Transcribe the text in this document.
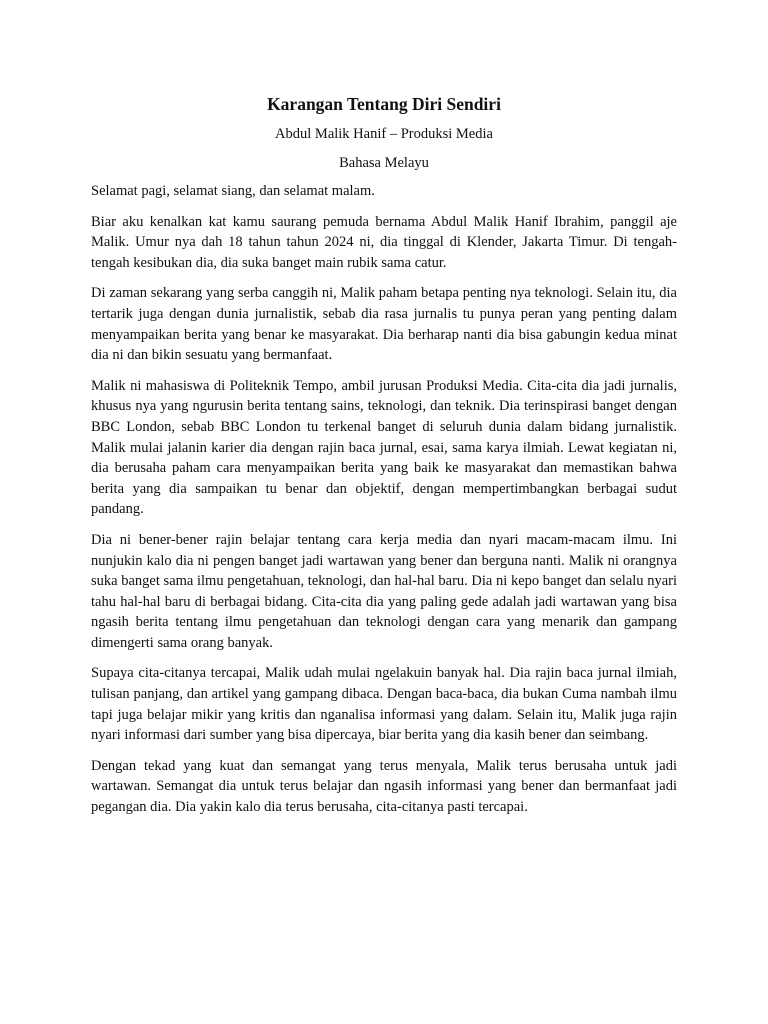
Karangan Tentang Diri Sendiri
Abdul Malik Hanif – Produksi Media
Bahasa Melayu

Selamat pagi, selamat siang, dan selamat malam.

Biar aku kenalkan kat kamu saurang pemuda bernama Abdul Malik Hanif Ibrahim, panggil aje Malik. Umur nya dah 18 tahun tahun 2024 ni, dia tinggal di Klender, Jakarta Timur. Di tengah-tengah kesibukan dia, dia suka banget main rubik sama catur.

Di zaman sekarang yang serba canggih ni, Malik paham betapa penting nya teknologi. Selain itu, dia tertarik juga dengan dunia jurnalistik, sebab dia rasa jurnalis tu punya peran yang penting dalam menyampaikan berita yang benar ke masyarakat. Dia berharap nanti dia bisa gabungin kedua minat dia ni dan bikin sesuatu yang bermanfaat.

Malik ni mahasiswa di Politeknik Tempo, ambil jurusan Produksi Media. Cita-cita dia jadi jurnalis, khusus nya yang ngurusin berita tentang sains, teknologi, dan teknik. Dia terinspirasi banget dengan BBC London, sebab BBC London tu terkenal banget di seluruh dunia dalam bidang jurnalistik. Malik mulai jalanin karier dia dengan rajin baca jurnal, esai, sama karya ilmiah. Lewat kegiatan ni, dia berusaha paham cara menyampaikan berita yang baik ke masyarakat dan memastikan bahwa berita yang dia sampaikan tu benar dan objektif, dengan mempertimbangkan berbagai sudut pandang.

Dia ni bener-bener rajin belajar tentang cara kerja media dan nyari macam-macam ilmu. Ini nunjukin kalo dia ni pengen banget jadi wartawan yang bener dan berguna nanti. Malik ni orangnya suka banget sama ilmu pengetahuan, teknologi, dan hal-hal baru. Dia ni kepo banget dan selalu nyari tahu hal-hal baru di berbagai bidang. Cita-cita dia yang paling gede adalah jadi wartawan yang bisa ngasih berita tentang ilmu pengetahuan dan teknologi dengan cara yang menarik dan gampang dimengerti sama orang banyak.

Supaya cita-citanya tercapai, Malik udah mulai ngelakuin banyak hal. Dia rajin baca jurnal ilmiah, tulisan panjang, dan artikel yang gampang dibaca. Dengan baca-baca, dia bukan Cuma nambah ilmu tapi juga belajar mikir yang kritis dan nganalisa informasi yang dalam. Selain itu, Malik juga rajin nyari informasi dari sumber yang bisa dipercaya, biar berita yang dia kasih bener dan seimbang.

Dengan tekad yang kuat dan semangat yang terus menyala, Malik terus berusaha untuk jadi wartawan. Semangat dia untuk terus belajar dan ngasih informasi yang bener dan bermanfaat jadi pegangan dia. Dia yakin kalo dia terus berusaha, cita-citanya pasti tercapai.
